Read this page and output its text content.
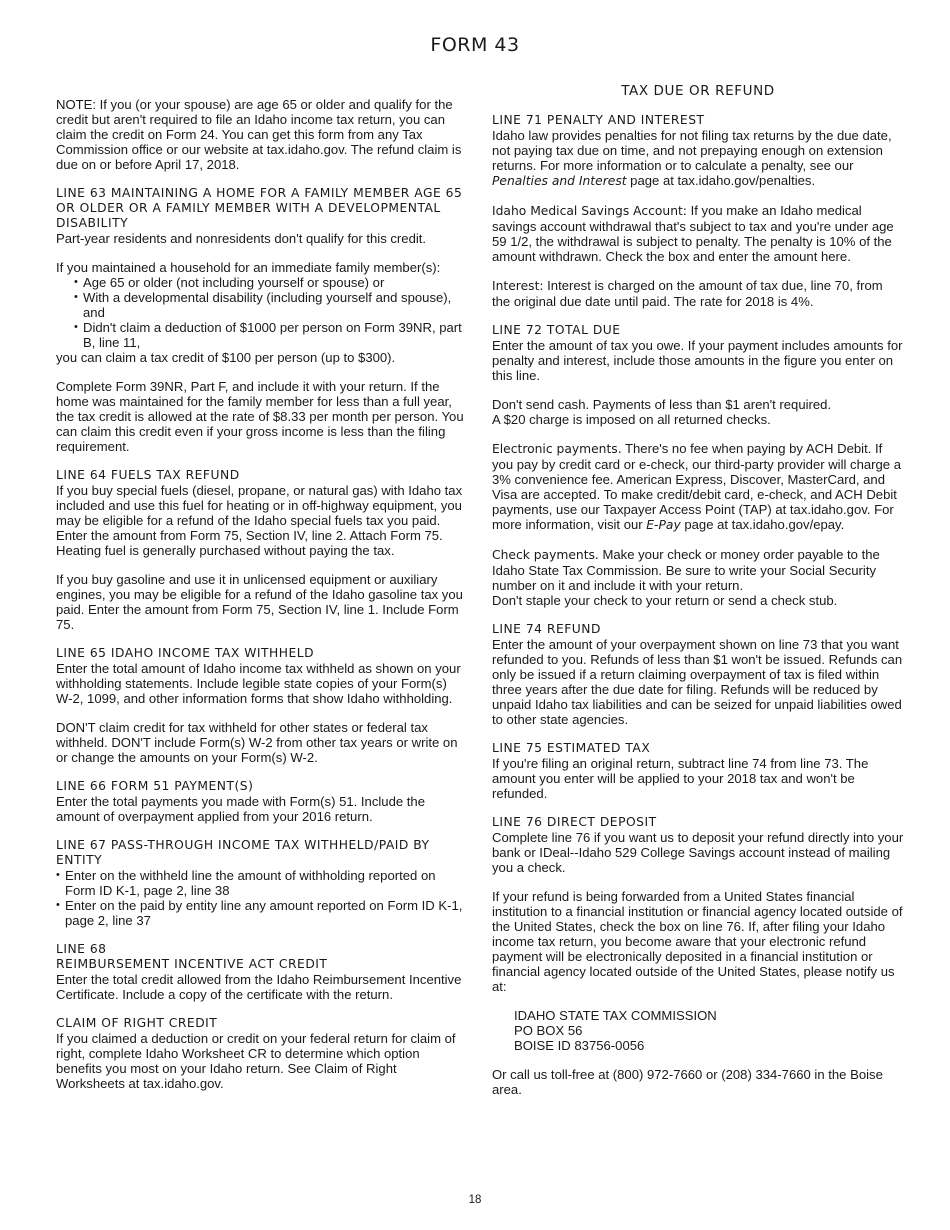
FORM 43
NOTE: If you (or your spouse) are age 65 or older and qualify for the credit but aren't required to file an Idaho income tax return, you can claim the credit on Form 24. You can get this form from any Tax Commission office or our website at tax.idaho.gov. The refund claim is due on or before April 17, 2018.
LINE 63 MAINTAINING A HOME FOR A FAMILY MEMBER AGE 65 OR OLDER OR A FAMILY MEMBER WITH A DEVELOPMENTAL DISABILITY
Part-year residents and nonresidents don't qualify for this credit.
If you maintained a household for an immediate family member(s):
• Age 65 or older (not including yourself or spouse) or
• With a developmental disability (including yourself and spouse), and
• Didn't claim a deduction of $1000 per person on Form 39NR, part B, line 11,
you can claim a tax credit of $100 per person (up to $300).
Complete Form 39NR, Part F, and include it with your return. If the home was maintained for the family member for less than a full year, the tax credit is allowed at the rate of $8.33 per month per person. You can claim this credit even if your gross income is less than the filing requirement.
LINE 64 FUELS TAX REFUND
If you buy special fuels (diesel, propane, or natural gas) with Idaho tax included and use this fuel for heating or in off-highway equipment, you may be eligible for a refund of the Idaho special fuels tax you paid. Enter the amount from Form 75, Section IV, line 2. Attach Form 75. Heating fuel is generally purchased without paying the tax.
If you buy gasoline and use it in unlicensed equipment or auxiliary engines, you may be eligible for a refund of the Idaho gasoline tax you paid. Enter the amount from Form 75, Section IV, line 1. Include Form 75.
LINE 65 IDAHO INCOME TAX WITHHELD
Enter the total amount of Idaho income tax withheld as shown on your withholding statements. Include legible state copies of your Form(s) W-2, 1099, and other information forms that show Idaho withholding.
DON'T claim credit for tax withheld for other states or federal tax withheld. DON'T include Form(s) W-2 from other tax years or write on or change the amounts on your Form(s) W-2.
LINE 66 FORM 51 PAYMENT(S)
Enter the total payments you made with Form(s) 51. Include the amount of overpayment applied from your 2016 return.
LINE 67 PASS-THROUGH INCOME TAX WITHHELD/PAID BY ENTITY
• Enter on the withheld line the amount of withholding reported on Form ID K-1, page 2, line 38
• Enter on the paid by entity line any amount reported on Form ID K-1, page 2, line 37
LINE 68
REIMBURSEMENT INCENTIVE ACT CREDIT
Enter the total credit allowed from the Idaho Reimbursement Incentive Certificate. Include a copy of the certificate with the return.
CLAIM OF RIGHT CREDIT
If you claimed a deduction or credit on your federal return for claim of right, complete Idaho Worksheet CR to determine which option benefits you most on your Idaho return. See Claim of Right Worksheets at tax.idaho.gov.
TAX DUE OR REFUND
LINE 71 PENALTY AND INTEREST
Idaho law provides penalties for not filing tax returns by the due date, not paying tax due on time, and not prepaying enough on extension returns. For more information or to calculate a penalty, see our Penalties and Interest page at tax.idaho.gov/penalties.
Idaho Medical Savings Account: If you make an Idaho medical savings account withdrawal that's subject to tax and you're under age 59 1/2, the withdrawal is subject to penalty. The penalty is 10% of the amount withdrawn. Check the box and enter the amount here.
Interest: Interest is charged on the amount of tax due, line 70, from the original due date until paid. The rate for 2018 is 4%.
LINE 72 TOTAL DUE
Enter the amount of tax you owe. If your payment includes amounts for penalty and interest, include those amounts in the figure you enter on this line.
Don't send cash. Payments of less than $1 aren't required.
A $20 charge is imposed on all returned checks.
Electronic payments. There's no fee when paying by ACH Debit. If you pay by credit card or e-check, our third-party provider will charge a 3% convenience fee. American Express, Discover, MasterCard, and Visa are accepted. To make credit/debit card, e-check, and ACH Debit payments, use our Taxpayer Access Point (TAP) at tax.idaho.gov. For more information, visit our E-Pay page at tax.idaho.gov/epay.
Check payments. Make your check or money order payable to the Idaho State Tax Commission. Be sure to write your Social Security number on it and include it with your return.
Don't staple your check to your return or send a check stub.
LINE 74 REFUND
Enter the amount of your overpayment shown on line 73 that you want refunded to you. Refunds of less than $1 won't be issued. Refunds can only be issued if a return claiming overpayment of tax is filed within three years after the due date for filing. Refunds will be reduced by unpaid Idaho tax liabilities and can be seized for unpaid liabilities owed to other state agencies.
LINE 75 ESTIMATED TAX
If you're filing an original return, subtract line 74 from line 73. The amount you enter will be applied to your 2018 tax and won't be refunded.
LINE 76 DIRECT DEPOSIT
Complete line 76 if you want us to deposit your refund directly into your bank or IDeal--Idaho 529 College Savings account instead of mailing you a check.
If your refund is being forwarded from a United States financial institution to a financial institution or financial agency located outside of the United States, check the box on line 76. If, after filing your Idaho income tax return, you become aware that your electronic refund payment will be electronically deposited in a financial institution or financial agency located outside of the United States, please notify us at:
IDAHO STATE TAX COMMISSION
PO BOX 56
BOISE ID 83756-0056
Or call us toll-free at (800) 972-7660 or (208) 334-7660 in the Boise area.
18
